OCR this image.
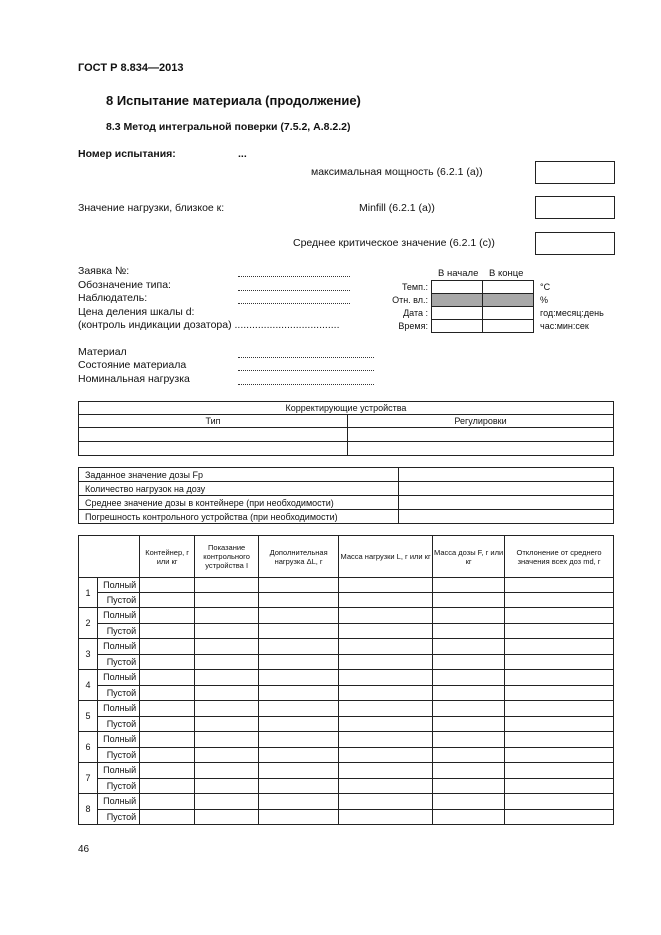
ГОСТ Р 8.834—2013
8 Испытание материала (продолжение)
8.3 Метод интегральной поверки (7.5.2, А.8.2.2)
Номер испытания:	...
максимальная мощность (6.2.1 (a))
Значение нагрузки, близкое к:	Minfill (6.2.1 (a))
Среднее критическое значение (6.2.1 (c))
Заявка №:
Обозначение типа:
Наблюдатель:
Цена деления шкалы d:
(контроль индикации дозатора) ....................................
Материал
Состояние материала
Номинальная нагрузка
В начале В конце
Темп.:			°C
Отн. вл.:			%
Дата :			год:месяц:день
Время:			час:мин:сек
Корректирующие устройства	
Тип	Регулировки

Заданное значение дозы Fp	
Количество нагрузок на дозу	
Среднее значение дозы в контейнере (при необходимости)	
Погрешность контрольного устройства (при необходимости)	
		Контейнер, г или кг	Показание контрольного устройства I	Дополнительная нагрузка ΔL, г	Масса нагрузки L, г или кг	Масса дозы F, г или кг	Отклонение от среднего значения всех доз md, г
1	Полный						
	Пустой						
2	Полный						
	Пустой						
3	Полный						
	Пустой						
4	Полный						
	Пустой						
5	Полный						
	Пустой						
6	Полный						
	Пустой						
7	Полный						
	Пустой						
8	Полный						
	Пустой						
46
